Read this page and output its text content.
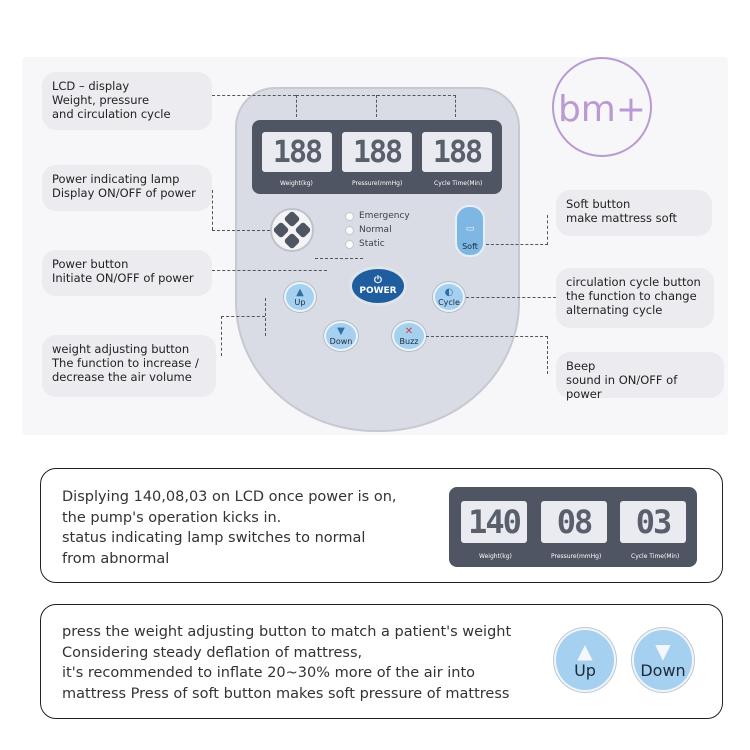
bm+
188	188	188
Weight(kg)	Pressure(mmHg)	Cycle Time(Min)
Emergency
Normal
Static
▭
Soft
⏻
POWER
▲
Up
▼
Down
◐
Cycle
✕
Buzz
LCD – display
Weight, pressure
and circulation cycle
Power indicating lamp
Display ON/OFF of power
Power button
Initiate ON/OFF of power
weight adjusting button
The function to increase /
decrease the air volume
Soft button
make mattress soft
circulation cycle button
the function to change
alternating cycle
Beep
sound in ON/OFF of power
Displying 140,08,03 on LCD once power is on,
the pump's operation kicks in.
status indicating lamp switches to normal
from abnormal
140	08	03
Weight(kg)	Pressure(mmHg)	Cycle Time(Min)
press the weight adjusting button to match a patient's weight
Considering steady deflation of mattress,
it's recommended to inflate 20~30% more of the air into
mattress Press of soft button makes soft pressure of mattress
▲
Up
▼
Down
